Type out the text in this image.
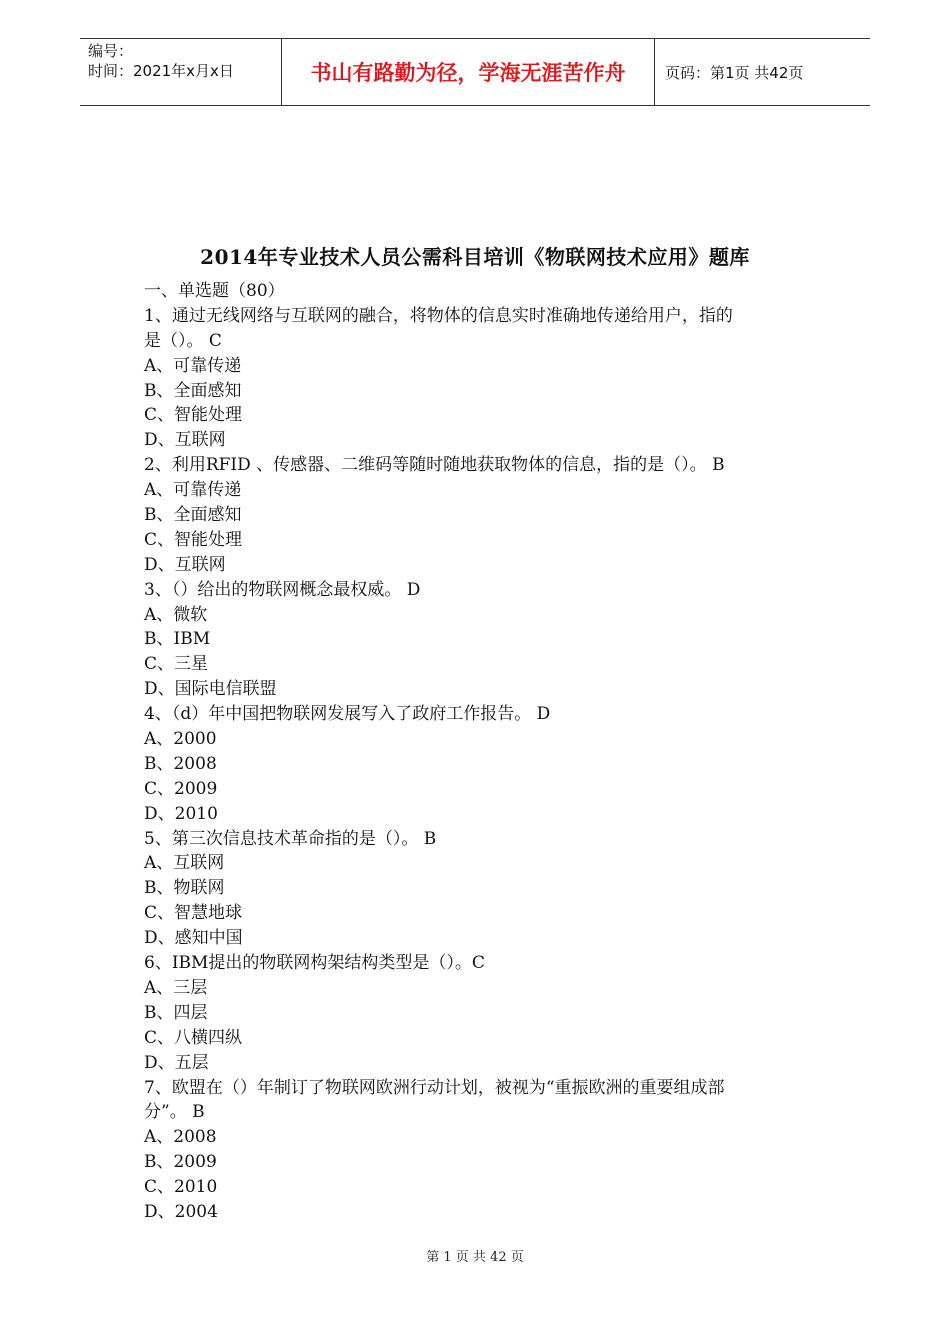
编号：
时间：2021年x月x日	书山有路勤为径，学海无涯苦作舟	页码：第1页 共42页
2014年专业技术人员公需科目培训《物联网技术应用》题库
一、单选题（80）
1、通过无线网络与互联网的融合，将物体的信息实时准确地传递给用户，指的
是（）。 C
A、可靠传递
B、全面感知
C、智能处理
D、互联网
2、利用RFID 、传感器、二维码等随时随地获取物体的信息，指的是（）。 B
A、可靠传递
B、全面感知
C、智能处理
D、互联网
3、（）给出的物联网概念最权威。 D
A、微软
B、IBM
C、三星
D、国际电信联盟
4、（d）年中国把物联网发展写入了政府工作报告。 D
A、2000
B、2008
C、2009
D、2010
5、第三次信息技术革命指的是（）。 B
A、互联网
B、物联网
C、智慧地球
D、感知中国
6、IBM提出的物联网构架结构类型是（）。C
A、三层
B、四层
C、八横四纵
D、五层
7、欧盟在（）年制订了物联网欧洲行动计划，被视为“重振欧洲的重要组成部
分”。 B
A、2008
B、2009
C、2010
D、2004
第 1 页 共 42 页
